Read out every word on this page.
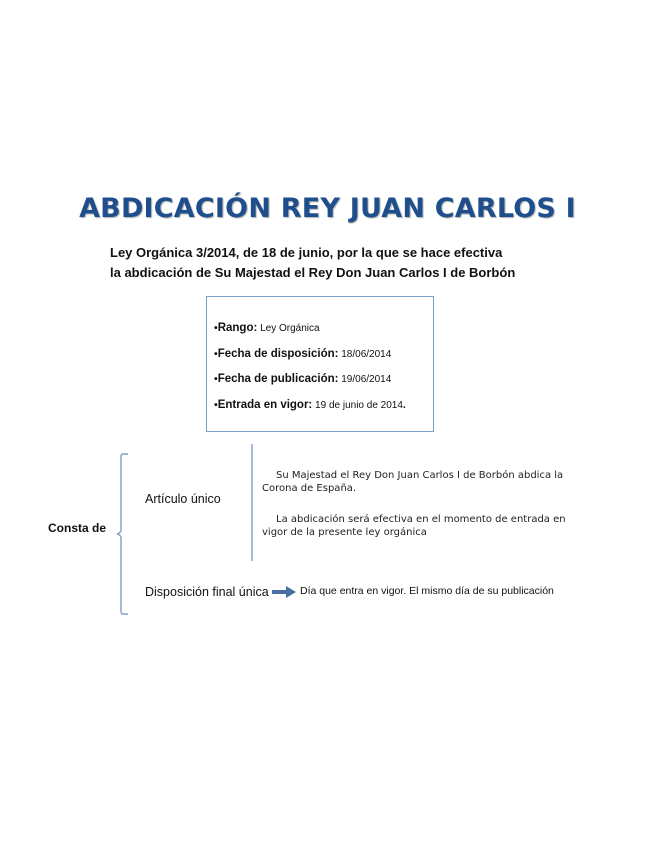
ABDICACIÓN REY JUAN CARLOS I
Ley Orgánica 3/2014, de 18 de junio, por la que se hace efectiva
la abdicación de Su Majestad el Rey Don Juan Carlos I de Borbón
•Rango: Ley Orgánica
•Fecha de disposición: 18/06/2014
•Fecha de publicación: 19/06/2014
•Entrada en vigor: 19 de junio de 2014.
Consta de
Artículo único
Su Majestad el Rey Don Juan Carlos I de Borbón abdica la Corona de España.
La abdicación será efectiva en el momento de entrada en vigor de la presente ley orgánica
Disposición final única	Día que entra en vigor. El mismo día de su publicación
